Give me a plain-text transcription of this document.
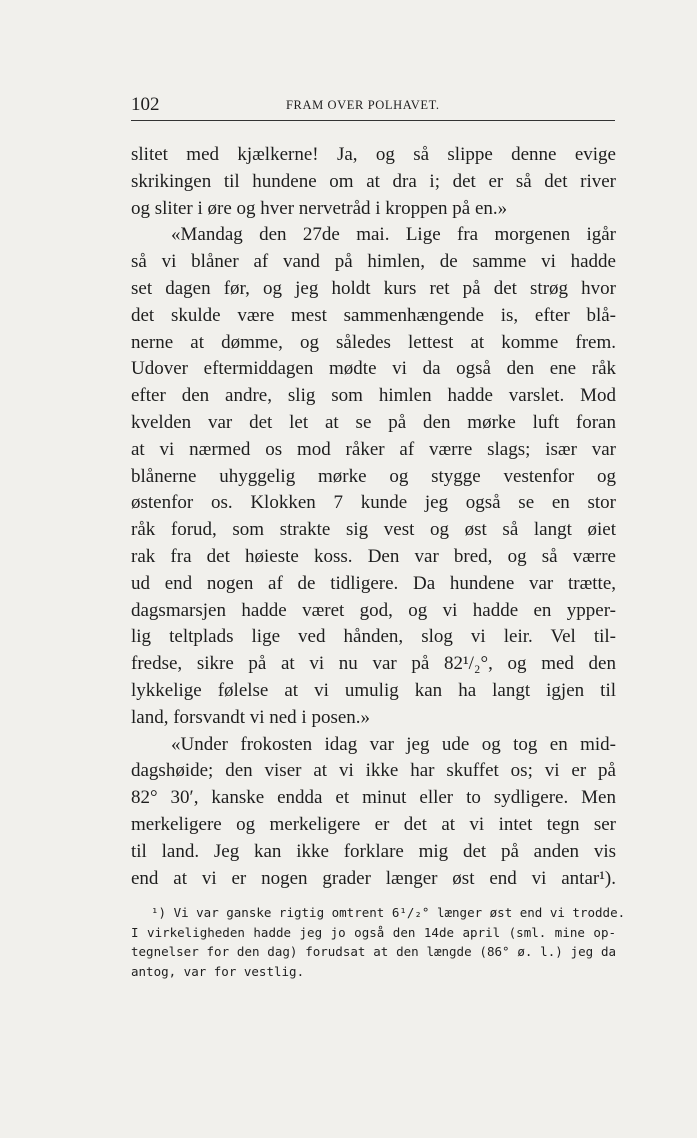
102	FRAM OVER POLHAVET.
slitet med kjælkerne! Ja, og så slippe denne evige
skrikingen til hundene om at dra i; det er så det river
og sliter i øre og hver nervetråd i kroppen på en.»
«Mandag den 27de mai. Lige fra morgenen igår
så vi blåner af vand på himlen, de samme vi hadde
set dagen før, og jeg holdt kurs ret på det strøg hvor
det skulde være mest sammenhængende is, efter blå-
nerne at dømme, og således lettest at komme frem.
Udover eftermiddagen mødte vi da også den ene råk
efter den andre, slig som himlen hadde varslet. Mod
kvelden var det let at se på den mørke luft foran
at vi nærmed os mod råker af værre slags; især var
blånerne uhyggelig mørke og stygge vestenfor og
østenfor os. Klokken 7 kunde jeg også se en stor
råk forud, som strakte sig vest og øst så langt øiet
rak fra det høieste koss. Den var bred, og så værre
ud end nogen af de tidligere. Da hundene var trætte,
dagsmarsjen hadde været god, og vi hadde en ypper-
lig teltplads lige ved hånden, slog vi leir. Vel til-
fredse, sikre på at vi nu var på 82¹/₂°, og med den
lykkelige følelse at vi umulig kan ha langt igjen til
land, forsvandt vi ned i posen.»
«Under frokosten idag var jeg ude og tog en mid-
dagshøide; den viser at vi ikke har skuffet os; vi er på
82° 30′, kanske endda et minut eller to sydligere. Men
merkeligere og merkeligere er det at vi intet tegn ser
til land. Jeg kan ikke forklare mig det på anden vis
end at vi er nogen grader længer øst end vi antar¹).
¹) Vi var ganske rigtig omtrent 6¹/₂° længer øst end vi trodde.
I virkeligheden hadde jeg jo også den 14de april (sml. mine op-
tegnelser for den dag) forudsat at den længde (86° ø. l.) jeg da
antog, var for vestlig.
